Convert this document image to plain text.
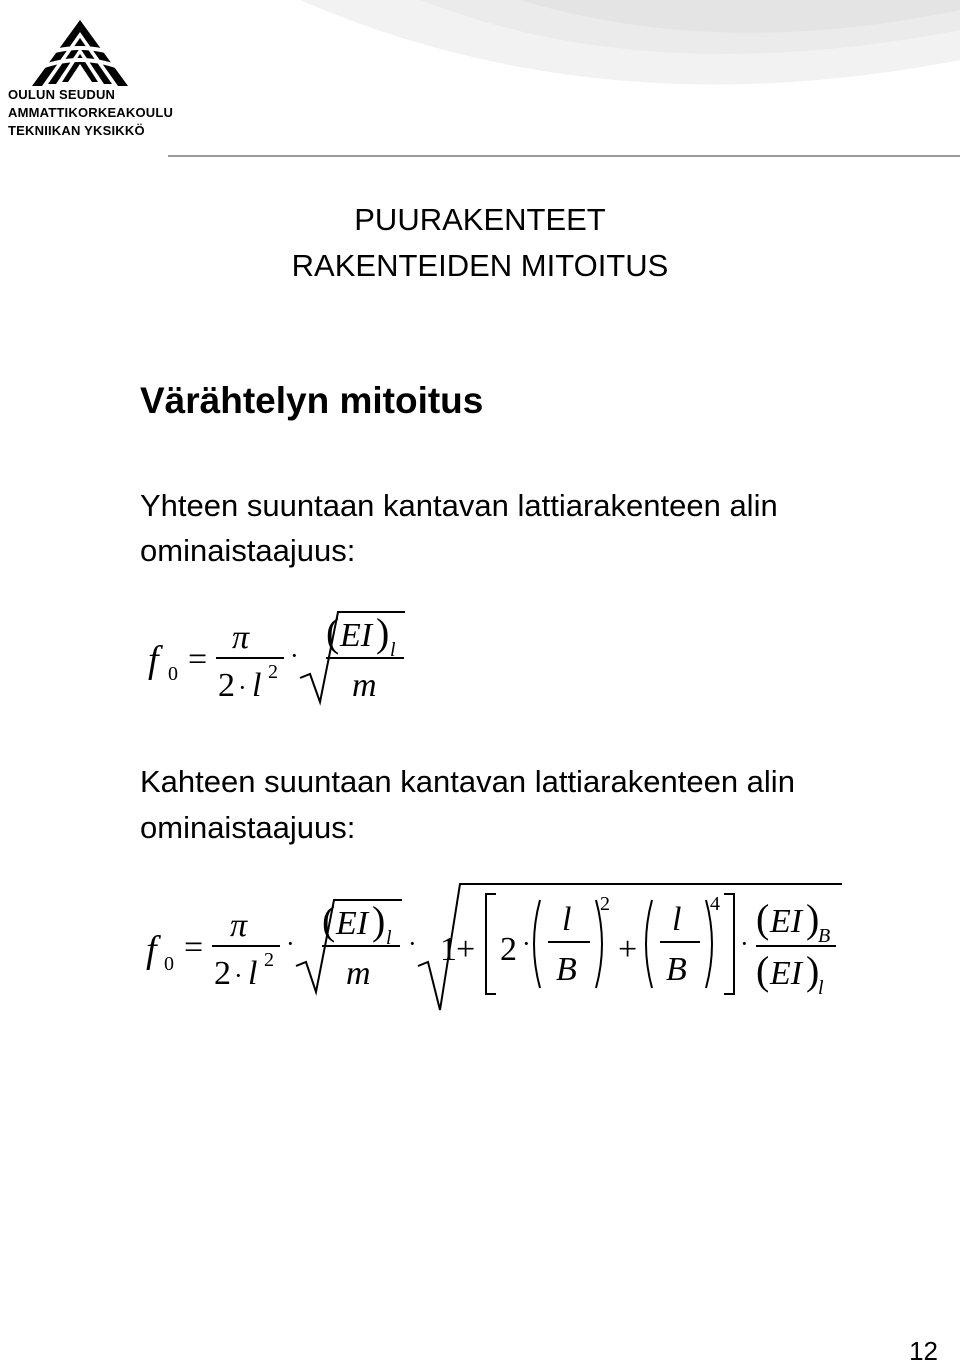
OULUN SEUDUN
AMMATTIKORKEAKOULU
TEKNIIKAN YKSIKKÖ
PUURAKENTEET
RAKENTEIDEN MITOITUS
Värähtelyn mitoitus
Yhteen suuntaan kantavan lattiarakenteen alin
ominaistaajuus:
f 0 =
π
2 · l 2
·
( EI ) l
m
Kahteen suuntaan kantavan lattiarakenteen alin
ominaistaajuus:
f 0 =
π
2 · l 2
·
( EI ) l
m
· 1 + 2 ·
l
B
2
+
l
B
4
·
( EI )
B
( EI )
l
12
